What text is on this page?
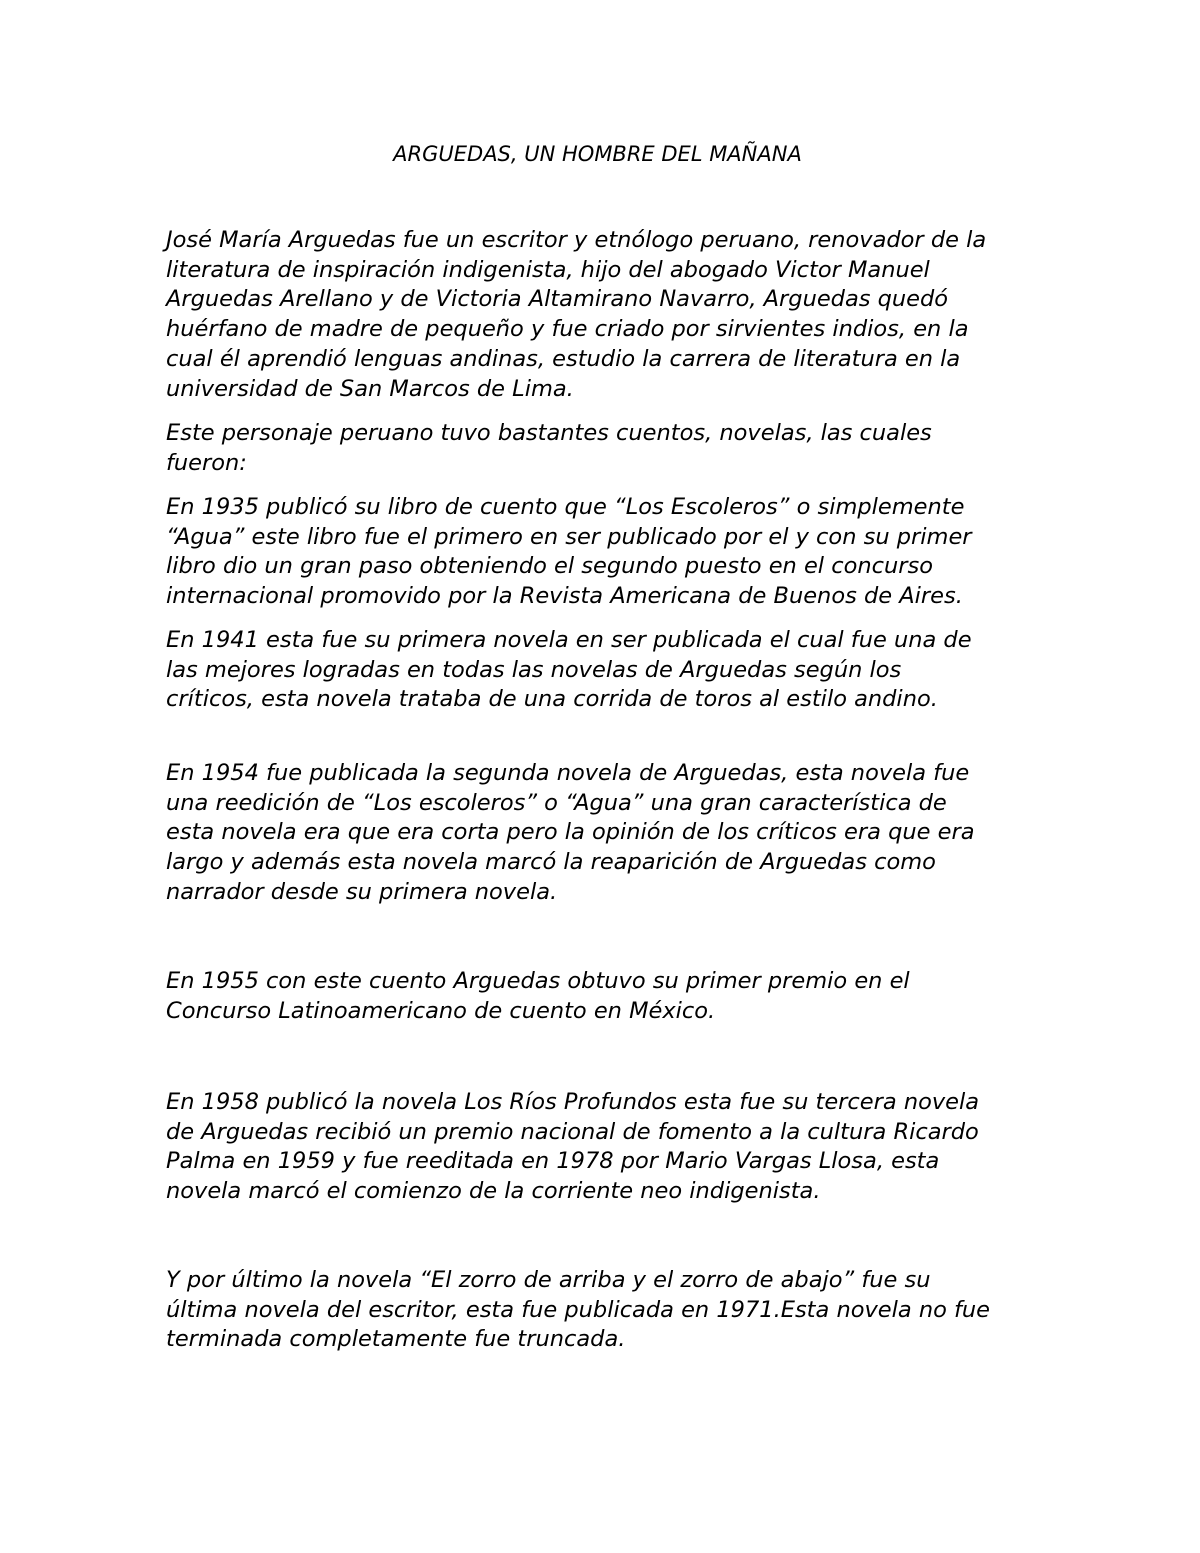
ARGUEDAS, UN HOMBRE DEL MAÑANA

José María Arguedas fue un escritor y etnólogo peruano, renovador de la
literatura de inspiración indigenista, hijo del abogado Victor Manuel
Arguedas Arellano y de Victoria Altamirano Navarro, Arguedas quedó
huérfano de madre de pequeño y fue criado por sirvientes indios, en la
cual él aprendió lenguas andinas, estudio la carrera de literatura en la
universidad de San Marcos de Lima.

Este personaje peruano tuvo bastantes cuentos, novelas, las cuales
fueron:

En 1935 publicó su libro de cuento que “Los Escoleros” o simplemente
“Agua” este libro fue el primero en ser publicado por el y con su primer
libro dio un gran paso obteniendo el segundo puesto en el concurso
internacional promovido por la Revista Americana de Buenos de Aires.

En 1941 esta fue su primera novela en ser publicada el cual fue una de
las mejores logradas en todas las novelas de Arguedas según los
críticos, esta novela trataba de una corrida de toros al estilo andino.

En 1954 fue publicada la segunda novela de Arguedas, esta novela fue
una reedición de “Los escoleros” o “Agua” una gran característica de
esta novela era que era corta pero la opinión de los críticos era que era
largo y además esta novela marcó la reaparición de Arguedas como
narrador desde su primera novela.

En 1955 con este cuento Arguedas obtuvo su primer premio en el
Concurso Latinoamericano de cuento en México.

En 1958 publicó la novela Los Ríos Profundos esta fue su tercera novela
de Arguedas recibió un premio nacional de fomento a la cultura Ricardo
Palma en 1959 y fue reeditada en 1978 por Mario Vargas Llosa, esta
novela marcó el comienzo de la corriente neo indigenista.

Y por último la novela “El zorro de arriba y el zorro de abajo” fue su
última novela del escritor, esta fue publicada en 1971.Esta novela no fue
terminada completamente fue truncada.
